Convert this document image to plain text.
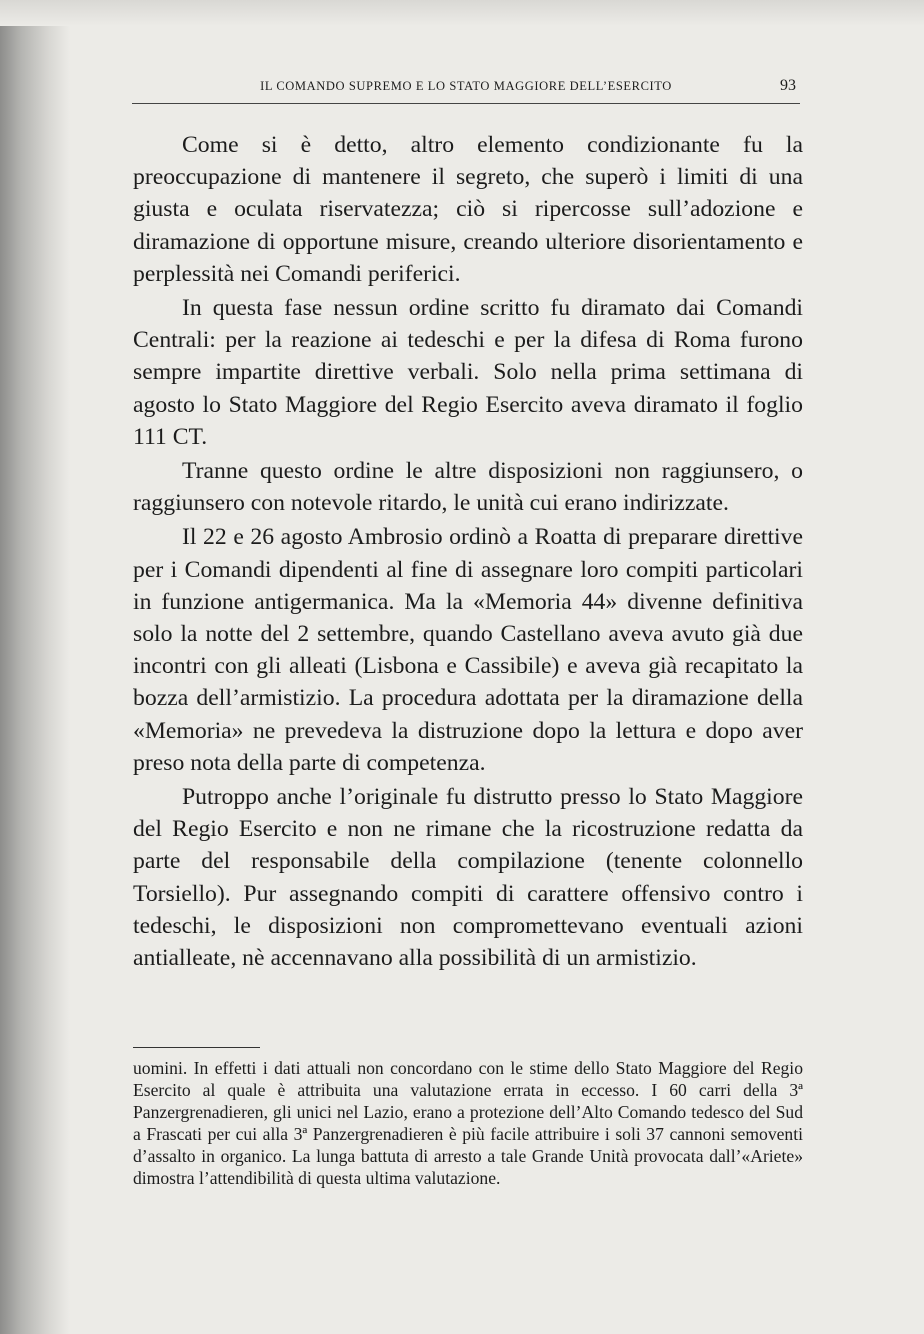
IL COMANDO SUPREMO E LO STATO MAGGIORE DELL’ESERCITO	93

Come si è detto, altro elemento condizionante fu la preoccupazione di mantenere il segreto, che superò i limiti di una giusta e oculata riservatezza; ciò si ripercosse sull’adozione e diramazione di opportune misure, creando ulteriore disorientamento e perplessità nei Comandi periferici.

In questa fase nessun ordine scritto fu diramato dai Comandi Centrali: per la reazione ai tedeschi e per la difesa di Roma furono sempre impartite direttive verbali. Solo nella prima settimana di agosto lo Stato Maggiore del Regio Esercito aveva diramato il foglio 111 CT.

Tranne questo ordine le altre disposizioni non raggiunsero, o raggiunsero con notevole ritardo, le unità cui erano indirizzate.

Il 22 e 26 agosto Ambrosio ordinò a Roatta di preparare direttive per i Comandi dipendenti al fine di assegnare loro compiti particolari in funzione antigermanica. Ma la «Memoria 44» divenne definitiva solo la notte del 2 settembre, quando Castellano aveva avuto già due incontri con gli alleati (Lisbona e Cassibile) e aveva già recapitato la bozza dell’armistizio. La procedura adottata per la diramazione della «Memoria» ne prevedeva la distruzione dopo la lettura e dopo aver preso nota della parte di competenza.

Putroppo anche l’originale fu distrutto presso lo Stato Maggiore del Regio Esercito e non ne rimane che la ricostruzione redatta da parte del responsabile della compilazione (tenente colonnello Torsiello). Pur assegnando compiti di carattere offensivo contro i tedeschi, le disposizioni non compromettevano eventuali azioni antialleate, nè accennavano alla possibilità di un armistizio.

uomini. In effetti i dati attuali non concordano con le stime dello Stato Maggiore del Regio Esercito al quale è attribuita una valutazione errata in eccesso. I 60 carri della 3ª Panzergrenadieren, gli unici nel Lazio, erano a protezione dell’Alto Comando tedesco del Sud a Frascati per cui alla 3ª Panzergrenadieren è più facile attribuire i soli 37 cannoni semoventi d’assalto in organico. La lunga battuta di arresto a tale Grande Unità provocata dall’«Ariete» dimostra l’attendibilità di questa ultima valutazione.
